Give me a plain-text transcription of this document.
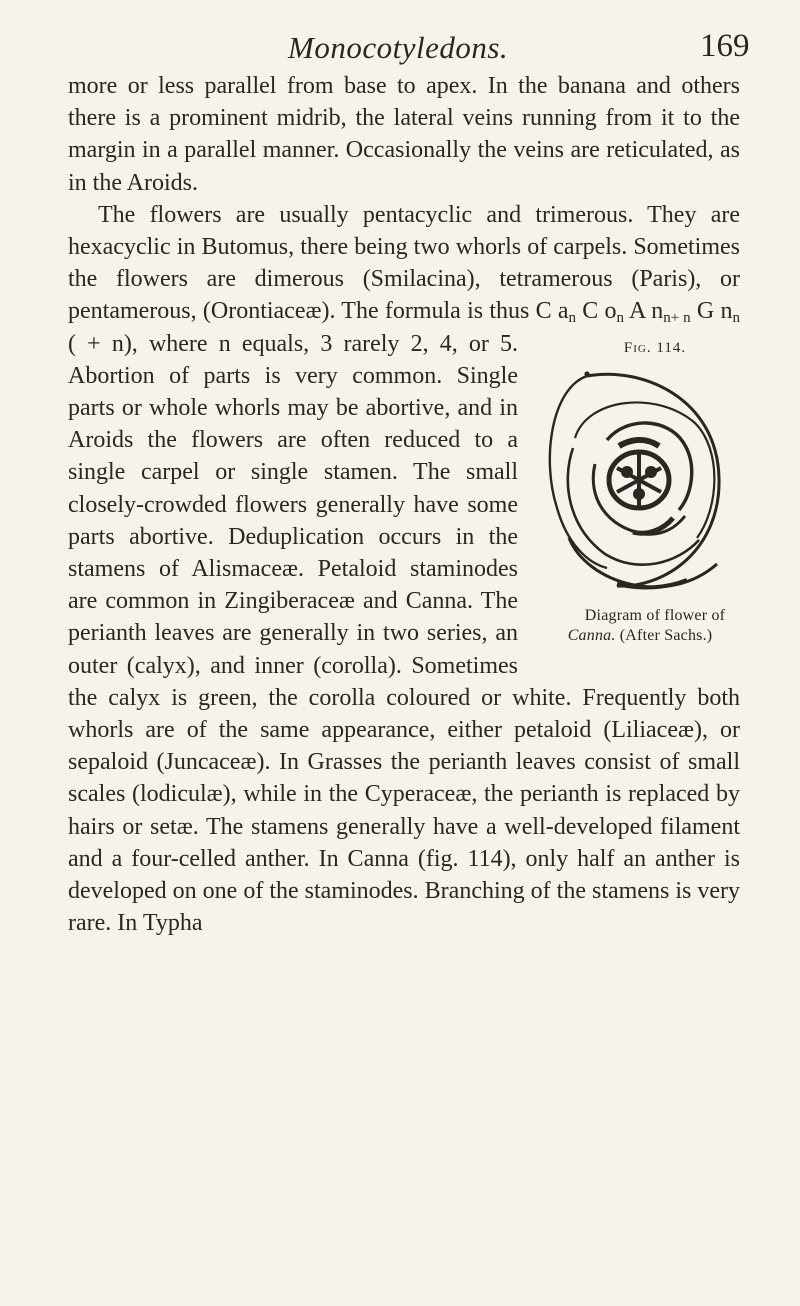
Monocotyledons.	169

more or less parallel from base to apex. In the banana and others there is a prominent midrib, the lateral veins running from it to the margin in a parallel manner. Occasionally the veins are reticulated, as in the Aroids.

The flowers are usually pentacyclic and trimerous. They are hexacyclic in Butomus, there being two whorls of carpels. Sometimes the flowers are dimerous (Smilacina), tetramerous (Paris), or pentamerous, (Orontiaceæ). The formula is thus C $a_n$ C $o_n$ A $n_{n+ n}$ G $n_n$
Fig. 114.
Diagram of flower of Canna. (After Sachs.)
( + n), where n equals, 3 rarely 2, 4, or 5. Abortion of parts is very common. Single parts or whole whorls may be abortive, and in Aroids the flowers are often reduced to a single carpel or single stamen. The small closely-crowded flowers generally have some parts abortive. Deduplication occurs in the stamens of Alismaceæ. Petaloid staminodes are common in Zingiberaceæ and Canna. The perianth leaves are generally in two series, an outer (calyx), and inner (corolla). Sometimes the calyx is green, the corolla coloured or white. Frequently both whorls are of the same appearance, either petaloid (Liliaceæ), or sepaloid (Juncaceæ). In Grasses the perianth leaves consist of small scales (lodiculæ), while in the Cyperaceæ, the perianth is replaced by hairs or setæ. The stamens generally have a well-developed filament and a four-celled anther. In Canna (fig. 114), only half an anther is developed on one of the staminodes. Branching of the stamens is very rare. In Typha
